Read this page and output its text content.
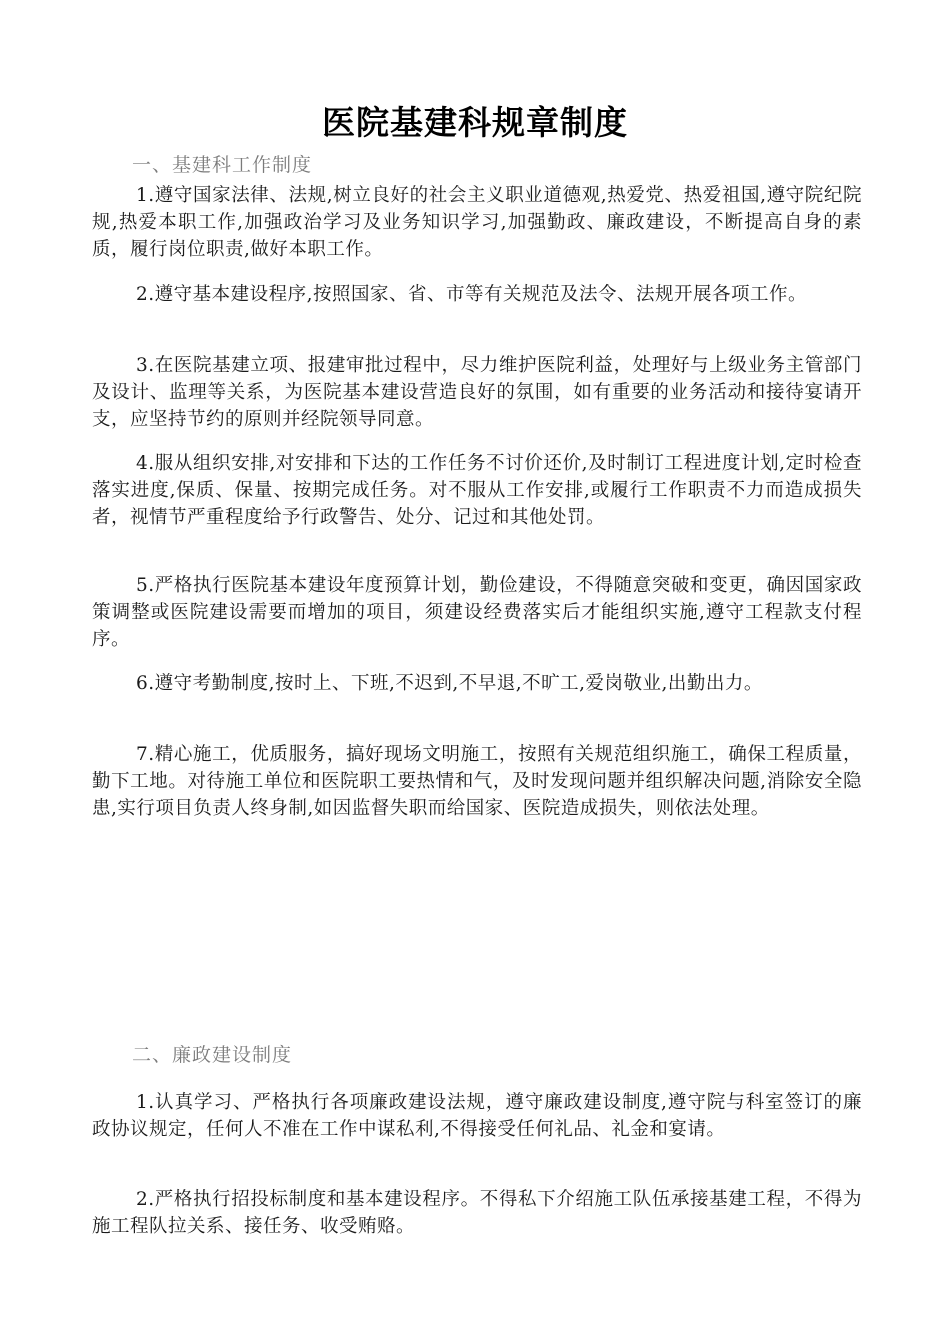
医院基建科规章制度
一、基建科工作制度
1.遵守国家法律、法规,树立良好的社会主义职业道德观,热爱党、热爱祖国,遵守院纪院规,热爱本职工作,加强政治学习及业务知识学习,加强勤政、廉政建设，不断提高自身的素质，履行岗位职责,做好本职工作。
2.遵守基本建设程序,按照国家、省、市等有关规范及法令、法规开展各项工作。
3.在医院基建立项、报建审批过程中，尽力维护医院利益，处理好与上级业务主管部门及设计、监理等关系，为医院基本建设营造良好的氛围，如有重要的业务活动和接待宴请开支，应坚持节约的原则并经院领导同意。
4.服从组织安排,对安排和下达的工作任务不讨价还价,及时制订工程进度计划,定时检查落实进度,保质、保量、按期完成任务。对不服从工作安排,或履行工作职责不力而造成损失者，视情节严重程度给予行政警告、处分、记过和其他处罚。
5.严格执行医院基本建设年度预算计划，勤俭建设，不得随意突破和变更，确因国家政策调整或医院建设需要而增加的项目，须建设经费落实后才能组织实施,遵守工程款支付程序。
6.遵守考勤制度,按时上、下班,不迟到,不早退,不旷工,爱岗敬业,出勤出力。
7.精心施工，优质服务，搞好现场文明施工，按照有关规范组织施工，确保工程质量，勤下工地。对待施工单位和医院职工要热情和气，及时发现问题并组织解决问题,消除安全隐患,实行项目负责人终身制,如因监督失职而给国家、医院造成损失，则依法处理。
二、廉政建设制度
1.认真学习、严格执行各项廉政建设法规，遵守廉政建设制度,遵守院与科室签订的廉政协议规定，任何人不准在工作中谋私利,不得接受任何礼品、礼金和宴请。
2.严格执行招投标制度和基本建设程序。不得私下介绍施工队伍承接基建工程，不得为施工程队拉关系、接任务、收受贿赂。
